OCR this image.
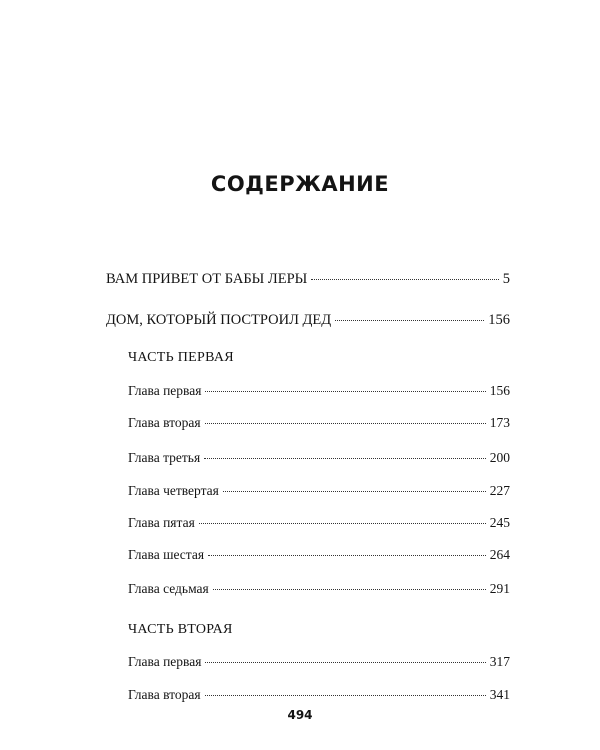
СОДЕРЖАНИЕ
ВАМ ПРИВЕТ ОТ БАБЫ ЛЕРЫ	5
ДОМ, КОТОРЫЙ ПОСТРОИЛ ДЕД	156
ЧАСТЬ ПЕРВАЯ
Глава первая	156
Глава вторая	173
Глава третья	200
Глава четвертая	227
Глава пятая	245
Глава шестая	264
Глава седьмая	291
ЧАСТЬ ВТОРАЯ
Глава первая	317
Глава вторая	341
494
